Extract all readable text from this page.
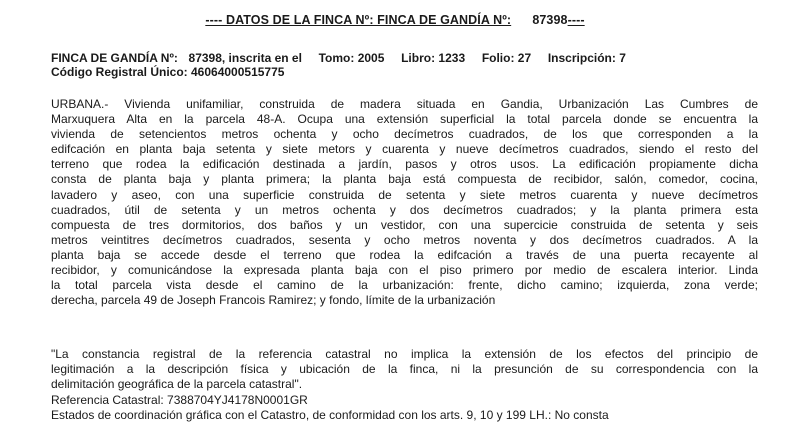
---- DATOS DE LA FINCA Nº: FINCA DE GANDÍA Nº: 87398----
FINCA DE GANDÍA Nº: 87398, inscrita en el Tomo: 2005 Libro: 1233 Folio: 27 Inscripción: 7
Código Registral Único: 46064000515775
URBANA.- Vivienda unifamiliar, construida de madera situada en Gandia, Urbanización Las Cumbres de
Marxuquera Alta en la parcela 48-A. Ocupa una extensión superficial la total parcela donde se encuentra la
vivienda de setencientos metros ochenta y ocho decímetros cuadrados, de los que corresponden a la
edifcación en planta baja setenta y siete metors y cuarenta y nueve decímetros cuadrados, siendo el resto del
terreno que rodea la edificación destinada a jardín, pasos y otros usos. La edificación propiamente dicha
consta de planta baja y planta primera; la planta baja está compuesta de recibidor, salón, comedor, cocina,
lavadero y aseo, con una superficie construida de setenta y siete metros cuarenta y nueve decímetros
cuadrados, útil de setenta y un metros ochenta y dos decímetros cuadrados; y la planta primera esta
compuesta de tres dormitorios, dos baños y un vestidor, con una supercicie construida de setenta y seis
metros veintitres decímetros cuadrados, sesenta y ocho metros noventa y dos decímetros cuadrados. A la
planta baja se accede desde el terreno que rodea la edifcación a través de una puerta recayente al
recibidor, y comunicándose la expresada planta baja con el piso primero por medio de escalera interior. Linda
la total parcela vista desde el camino de la urbanización: frente, dicho camino; izquierda, zona verde;
derecha, parcela 49 de Joseph Francois Ramirez; y fondo, límite de la urbanización
"La constancia registral de la referencia catastral no implica la extensión de los efectos del principio de
legitimación a la descripción física y ubicación de la finca, ni la presunción de su correspondencia con la
delimitación geográfica de la parcela catastral".
Referencia Catastral: 7388704YJ4178N0001GR
Estados de coordinación gráfica con el Catastro, de conformidad con los arts. 9, 10 y 199 LH.: No consta
